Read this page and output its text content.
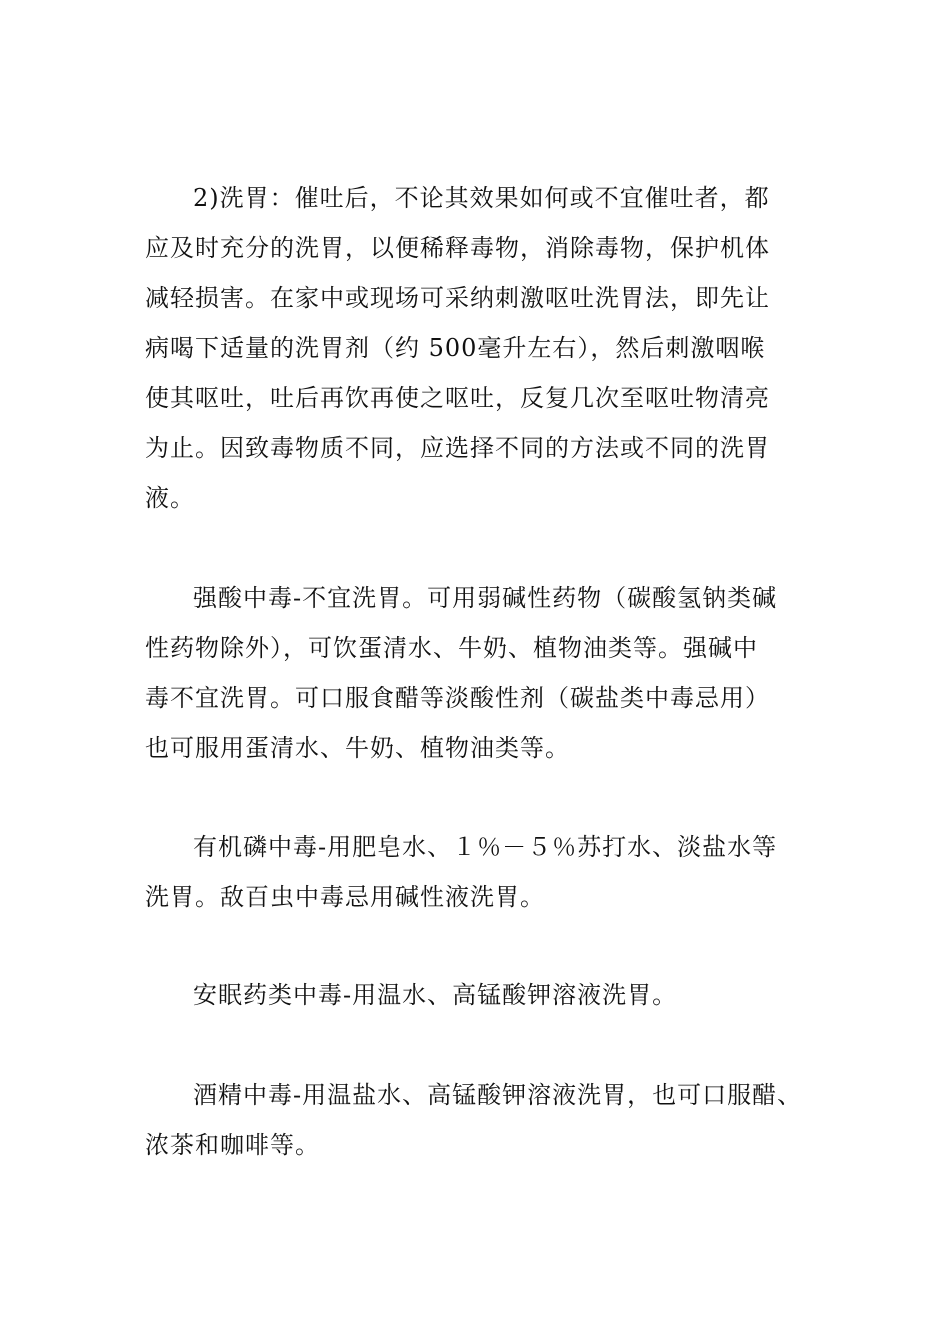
2)洗胃：催吐后，不论其效果如何或不宜催吐者，都
应及时充分的洗胃，以便稀释毒物，消除毒物，保护机体
减轻损害。在家中或现场可采纳刺激呕吐洗胃法，即先让
病喝下适量的洗胃剂（约 500毫升左右），然后刺激咽喉
使其呕吐，吐后再饮再使之呕吐，反复几次至呕吐物清亮
为止。因致毒物质不同，应选择不同的方法或不同的洗胃
液。
强酸中毒-不宜洗胃。可用弱碱性药物（碳酸氢钠类碱
性药物除外），可饮蛋清水、牛奶、植物油类等。强碱中
毒不宜洗胃。可口服食醋等淡酸性剂（碳盐类中毒忌用）
也可服用蛋清水、牛奶、植物油类等。
有机磷中毒-用肥皂水、１％－５％苏打水、淡盐水等
洗胃。敌百虫中毒忌用碱性液洗胃。
安眠药类中毒-用温水、高锰酸钾溶液洗胃。
酒精中毒-用温盐水、高锰酸钾溶液洗胃，也可口服醋、
浓茶和咖啡等。
